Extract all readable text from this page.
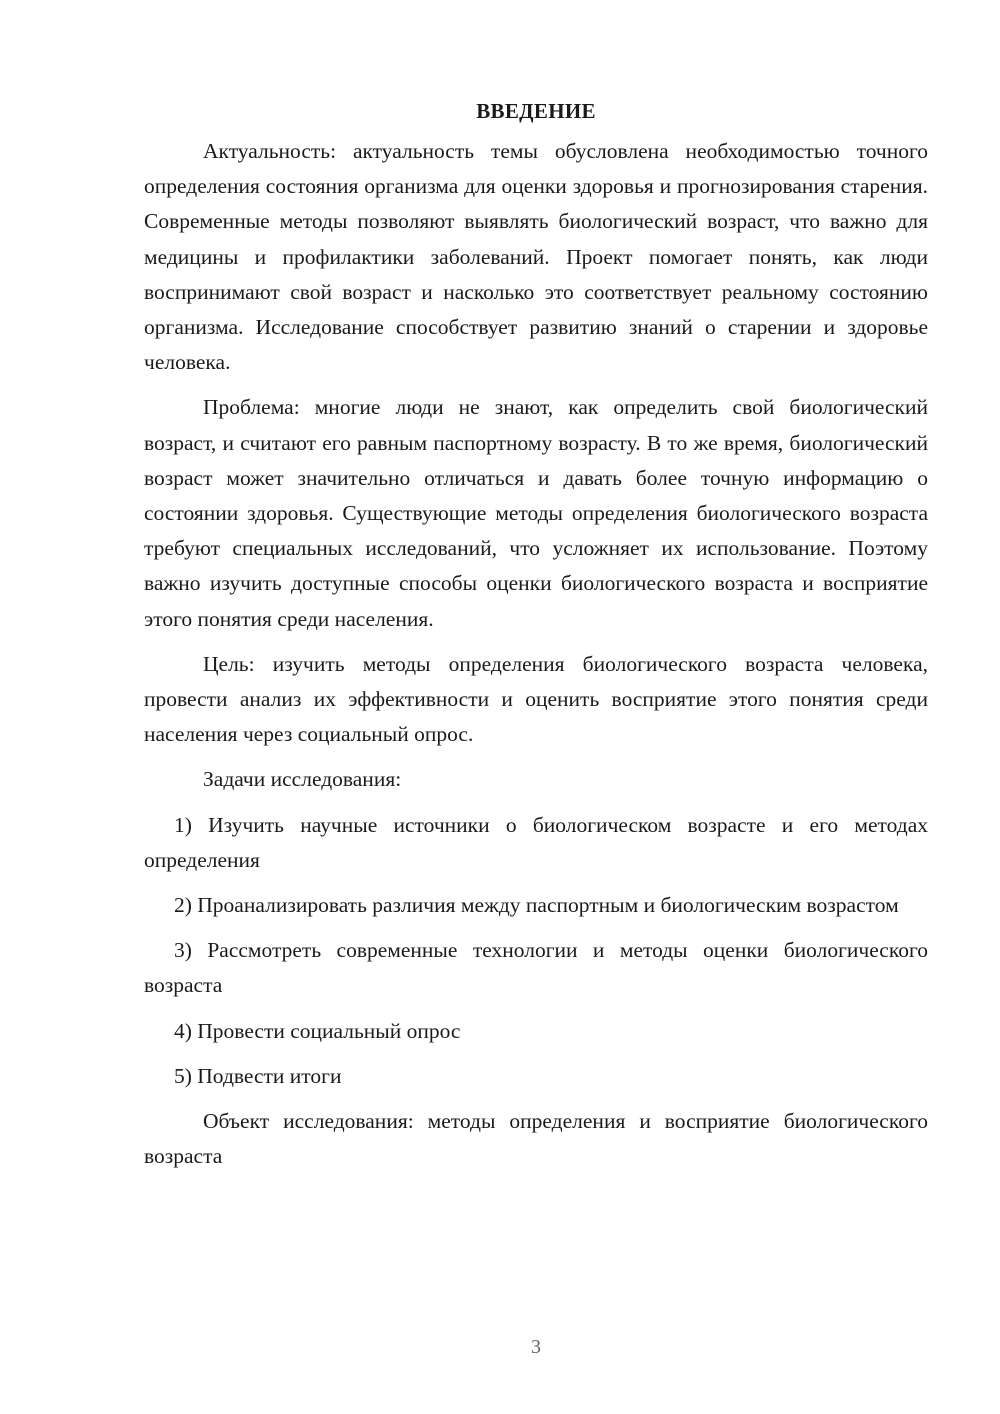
ВВЕДЕНИЕ

Актуальность: актуальность темы обусловлена необходимостью точного определения состояния организма для оценки здоровья и прогнозирования старения. Современные методы позволяют выявлять биологический возраст, что важно для медицины и профилактики заболеваний. Проект помогает понять, как люди воспринимают свой возраст и насколько это соответствует реальному состоянию организма. Исследование способствует развитию знаний о старении и здоровье человека.

Проблема: многие люди не знают, как определить свой биологический возраст, и считают его равным паспортному возрасту. В то же время, биологический возраст может значительно отличаться и давать более точную информацию о состоянии здоровья. Существующие методы определения биологического возраста требуют специальных исследований, что усложняет их использование. Поэтому важно изучить доступные способы оценки биологического возраста и восприятие этого понятия среди населения.

Цель: изучить методы определения биологического возраста человека, провести анализ их эффективности и оценить восприятие этого понятия среди населения через социальный опрос.

Задачи исследования:

1) Изучить научные источники о биологическом возрасте и его методах определения

2) Проанализировать различия между паспортным и биологическим возрастом

3) Рассмотреть современные технологии и методы оценки биологического возраста

4) Провести социальный опрос

5) Подвести итоги

Объект исследования: методы определения и восприятие биологического возраста

3
